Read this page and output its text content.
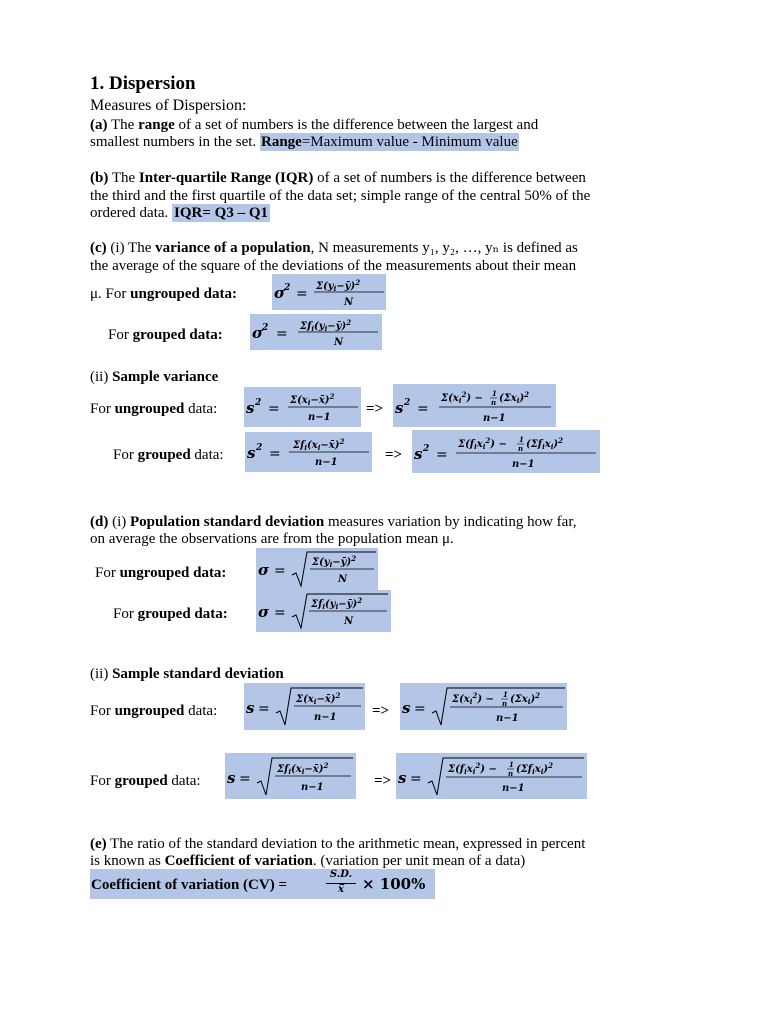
1. Dispersion
Measures of Dispersion:
(a) The range of a set of numbers is the difference between the largest and
smallest numbers in the set. Range=Maximum value - Minimum value
(b) The Inter-quartile Range (IQR) of a set of numbers is the difference between
the third and the first quartile of the data set; simple range of the central 50% of the
ordered data. IQR= Q3 – Q1
(c) (i) The variance of a population, N measurements y₁, y₂, …, yₙ is defined as
the average of the square of the deviations of the measurements about their mean
μ. For ungrouped data: σ
$2 = \Sigma(y_i-ȳ)^2$
N
For grouped data: σ
$2 = \Sigma f_i(y_i-ȳ)^2$
N
(ii) Sample variance
For ungrouped data: s 2 =
$\Sigma(x_i-x̄)^2$
n−1
=> s 2 =
$\Sigma(x_i^2) - 1$
n $(\Sigma x_i)^2$
n−1
For grouped data: s 2 =
$\Sigma f_i(x_i-x̄)^2$
n−1	=> s 2 =
$\Sigma(f_ix_i^2) - 1$
n $(\Sigma f_ix_i)^2$
n−1
(d) (i) Population standard deviation measures variation by indicating how far,
on average the observations are from the population mean μ.
For ungrouped data: σ =
$\Sigma(y_i-ȳ)^2$
N
For grouped data: σ =
$\Sigma f_i(y_i-ȳ)^2$
N
(ii) Sample standard deviation
For ungrouped data: s =
$\Sigma(x_i-x̄)^2$
n−1 => s =
$\Sigma(x_i^2) - 1$
n $(\Sigma x_i)^2$
n−1
For grouped data: s =
$\Sigma f_i(x_i-x̄)^2$
n−1	=> s =
$\Sigma(f_ix_i^2) - 1$
n $(\Sigma f_ix_i)^2$
n−1
(e) The ratio of the standard deviation to the arithmetic mean, expressed in percent
is known as Coefficient of variation. (variation per unit mean of a data)
Coefficient of variation (CV) =
S.D.
x̅	× 100%
